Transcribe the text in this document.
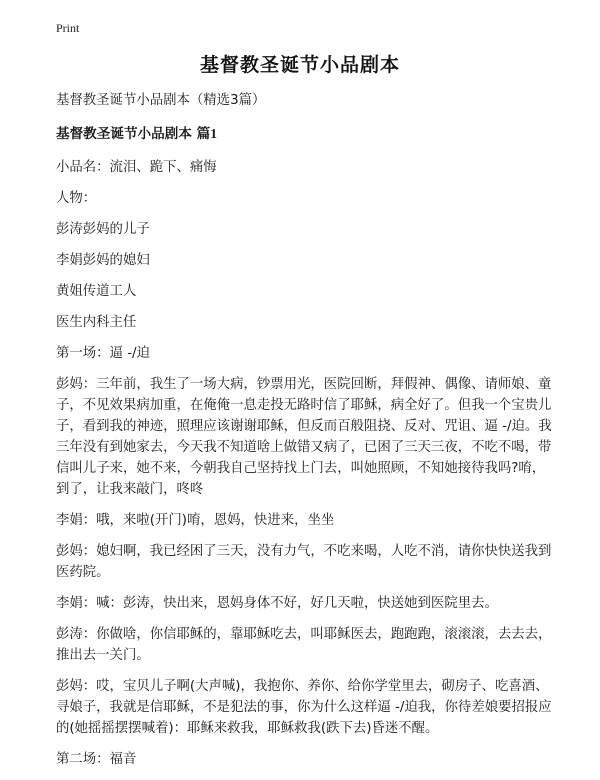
Print
基督教圣诞节小品剧本
基督教圣诞节小品剧本（精选3篇）
基督教圣诞节小品剧本 篇1
小品名：流泪、跪下、痛悔
人物：
彭涛彭妈的儿子
李娟彭妈的媳妇
黄姐传道工人
医生内科主任
第一场：逼 -/迫
彭妈：三年前，我生了一场大病，钞票用光，医院回断，拜假神、偶像、请师娘、童子，不见效果病加重，在俺俺一息走投无路时信了耶稣，病全好了。但我一个宝贵儿子，看到我的神迹，照理应该谢谢耶稣，但反而百般阻挠、反对、咒诅、逼 -/迫。我三年没有到她家去，今天我不知道啥上做错又病了，已困了三天三夜，不吃不喝，带信叫儿子来，她不来，今朝我自己坚持找上门去，叫她照顾，不知她接待我吗?唷，到了，让我来敲门，咚咚
李娟：哦，来啦(开门)唷，恩妈，快进来，坐坐
彭妈：媳妇啊，我已经困了三天，没有力气，不吃来喝，人吃不消，请你快快送我到医药院。
李娟：喊：彭涛，快出来，恩妈身体不好，好几天啦，快送她到医院里去。
彭涛：你做啥，你信耶稣的，靠耶稣吃去，叫耶稣医去，跑跑跑，滚滚滚，去去去，推出去一关门。
彭妈：哎，宝贝儿子啊(大声喊)，我抱你、养你、给你学堂里去，砌房子、吃喜酒、寻娘子，我就是信耶稣，不是犯法的事，你为什么这样逼 -/迫我，你待差娘要招报应的(她摇摇摆摆喊着)：耶稣来救我，耶稣救我(跌下去)昏迷不醒。
第二场：福音
